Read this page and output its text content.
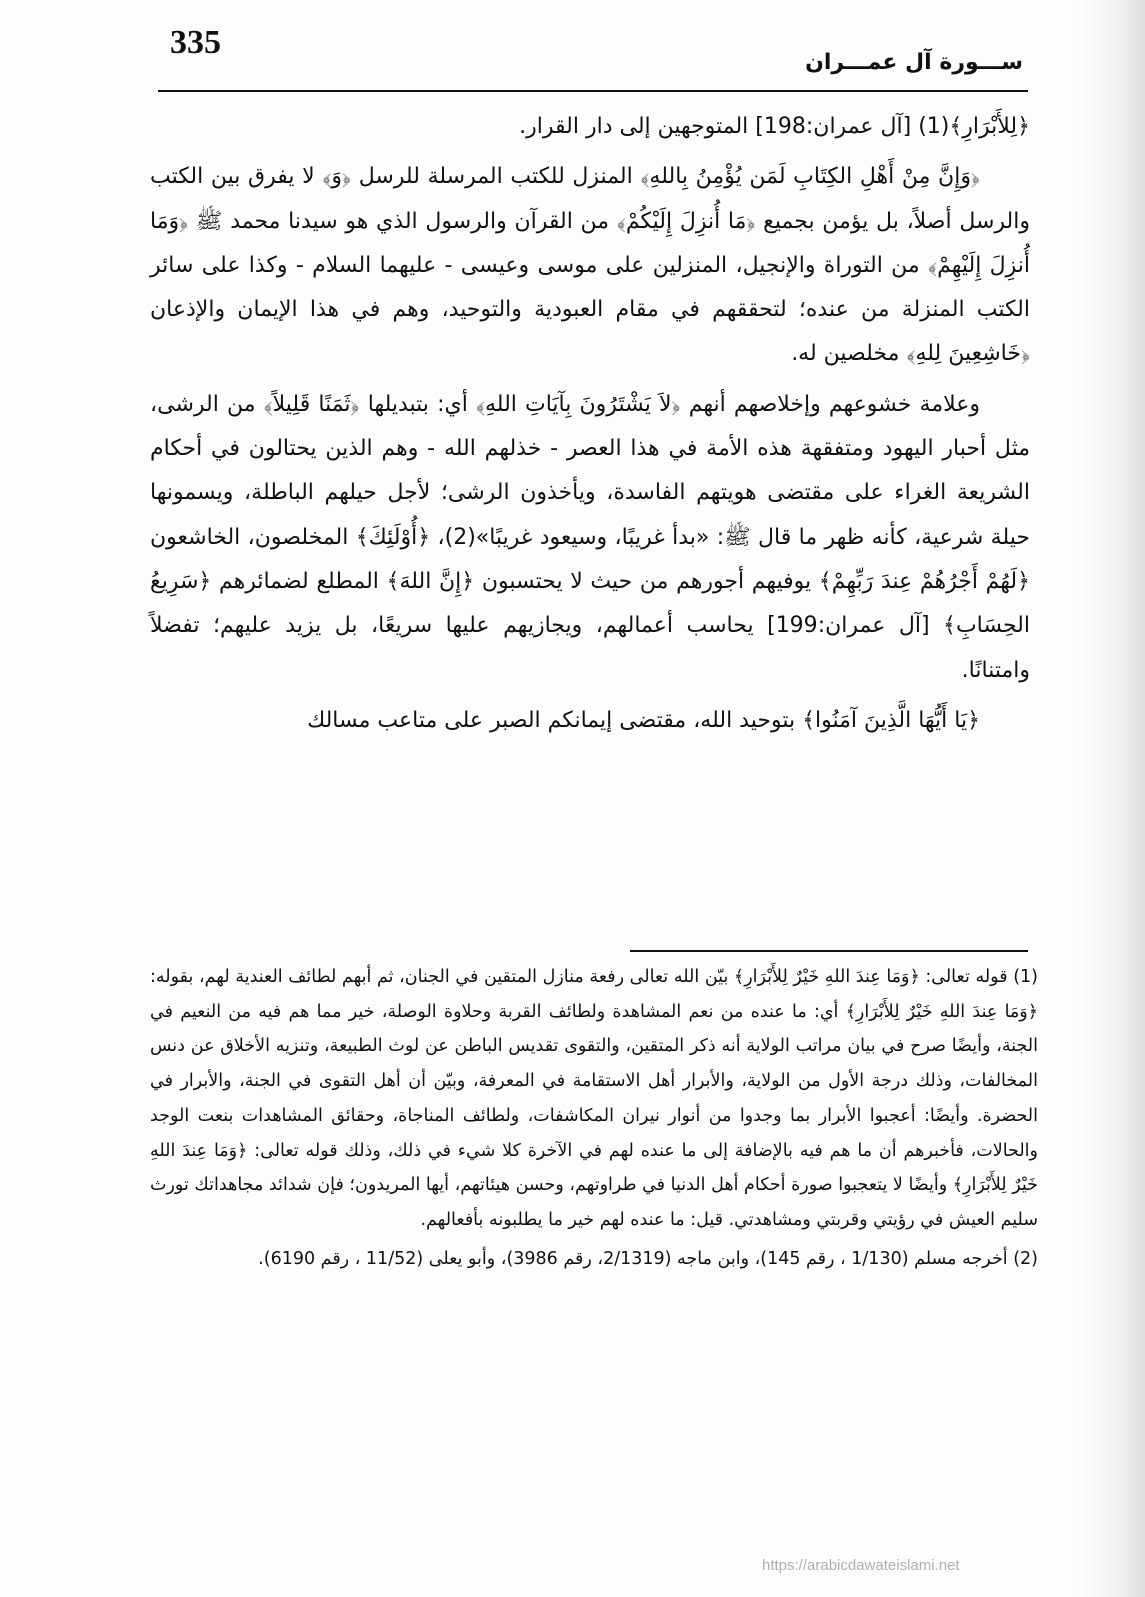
335
ســـورة آل عمـــران

﴿لِلأَبْرَارِ﴾(1) [آل عمران:198] المتوجهين إلى دار القرار.

﴿وَإِنَّ مِنْ أَهْلِ الكِتَابِ لَمَن يُؤْمِنُ بِاللهِ﴾ المنزل للكتب المرسلة للرسل ﴿وَ﴾ لا يفرق بين الكتب والرسل أصلاً، بل يؤمن بجميع ﴿مَا أُنزِلَ إِلَيْكُمْ﴾ من القرآن والرسول الذي هو سيدنا محمد ﷺ ﴿وَمَا أُنزِلَ إِلَيْهِمْ﴾ من التوراة والإنجيل، المنزلين على موسى وعيسى - عليهما السلام - وكذا على سائر الكتب المنزلة من عنده؛ لتحققهم في مقام العبودية والتوحيد، وهم في هذا الإيمان والإذعان ﴿خَاشِعِينَ لِلهِ﴾ مخلصين له.

وعلامة خشوعهم وإخلاصهم أنهم ﴿لاَ يَشْتَرُونَ بِآيَاتِ اللهِ﴾ أي: بتبديلها ﴿ثَمَنًا قَلِيلاً﴾ من الرشى، مثل أحبار اليهود ومتفقهة هذه الأمة في هذا العصر - خذلهم الله - وهم الذين يحتالون في أحكام الشريعة الغراء على مقتضى هويتهم الفاسدة، ويأخذون الرشى؛ لأجل حيلهم الباطلة، ويسمونها حيلة شرعية، كأنه ظهر ما قال ﷺ: «بدأ غريبًا، وسيعود غريبًا»(2)، ﴿أُوْلَئِكَ﴾ المخلصون، الخاشعون ﴿لَهُمْ أَجْرُهُمْ عِندَ رَبِّهِمْ﴾ يوفيهم أجورهم من حيث لا يحتسبون ﴿إِنَّ اللهَ﴾ المطلع لضمائرهم ﴿سَرِيعُ الحِسَابِ﴾ [آل عمران:199] يحاسب أعمالهم، ويجازيهم عليها سريعًا، بل يزيد عليهم؛ تفضلاً وامتنانًا.

﴿يَا أَيُّهَا الَّذِينَ آمَنُوا﴾ بتوحيد الله، مقتضى إيمانكم الصبر على متاعب مسالك

(1) قوله تعالى: ﴿وَمَا عِندَ اللهِ خَيْرٌ لِلأَبْرَارِ﴾ بيّن الله تعالى رفعة منازل المتقين في الجنان، ثم أبهم لطائف العندية لهم، بقوله: ﴿وَمَا عِندَ اللهِ خَيْرٌ لِلأَبْرَارِ﴾ أي: ما عنده من نعم المشاهدة ولطائف القربة وحلاوة الوصلة، خير مما هم فيه من النعيم في الجنة، وأيضًا صرح في بيان مراتب الولاية أنه ذكر المتقين، والتقوى تقديس الباطن عن لوث الطبيعة، وتنزيه الأخلاق عن دنس المخالفات، وذلك درجة الأول من الولاية، والأبرار أهل الاستقامة في المعرفة، وبيّن أن أهل التقوى في الجنة، والأبرار في الحضرة. وأيضًا: أعجبوا الأبرار بما وجدوا من أنوار نيران المكاشفات، ولطائف المناجاة، وحقائق المشاهدات بنعت الوجد والحالات، فأخبرهم أن ما هم فيه بالإضافة إلى ما عنده لهم في الآخرة كلا شيء في ذلك، وذلك قوله تعالى: ﴿وَمَا عِندَ اللهِ خَيْرٌ لِلأَبْرَارِ﴾ وأيضًا لا يتعجبوا صورة أحكام أهل الدنيا في طراوتهم، وحسن هيئاتهم، أيها المريدون؛ فإن شدائد مجاهداتك تورث سليم العيش في رؤيتي وقربتي ومشاهدتي. قيل: ما عنده لهم خير ما يطلبونه بأفعالهم.

(2) أخرجه مسلم (1/130 ، رقم 145)، وابن ماجه (2/1319، رقم 3986)، وأبو يعلى (11/52 ، رقم 6190).

https://arabicdawateislami.net
